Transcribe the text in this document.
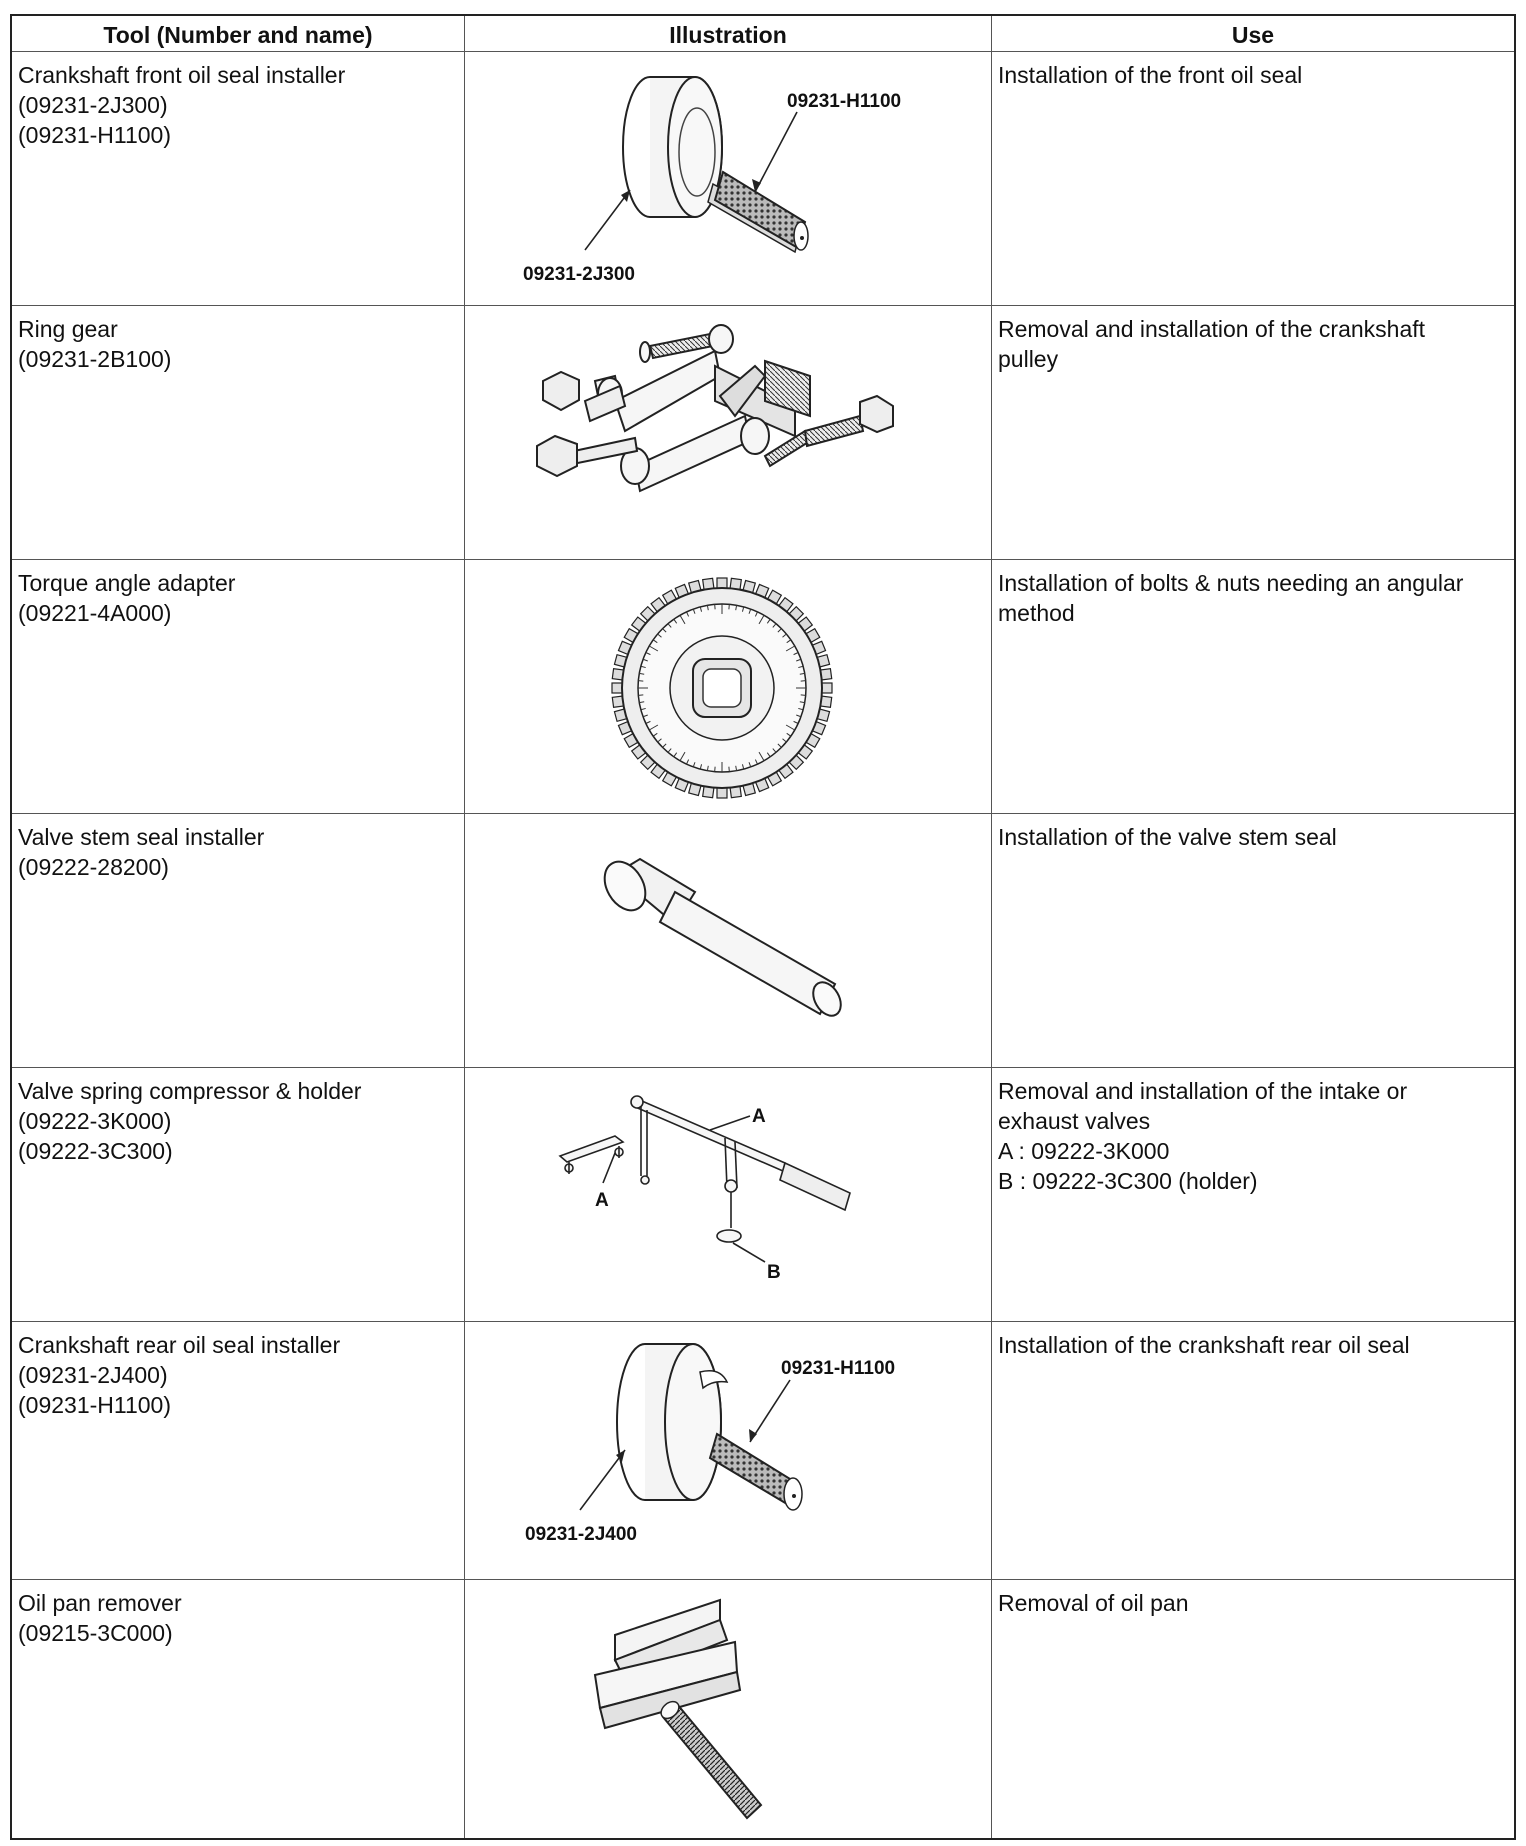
Tool (Number and name)	Illustration	Use
Crankshaft front oil seal installer
(09231-2J300)
(09231-H1100)
09231-H1100
09231-2J300
Installation of the front oil seal
Ring gear
(09231-2B100)
Removal and installation of the crankshaft
pulley
Torque angle adapter
(09221-4A000)
Installation of bolts & nuts needing an angular
method
Valve stem seal installer
(09222-28200)
Installation of the valve stem seal
Valve spring compressor & holder
(09222-3K000)
(09222-3C300)
A
A
B
Removal and installation of the intake or
exhaust valves
A : 09222-3K000
B : 09222-3C300 (holder)
Crankshaft rear oil seal installer
(09231-2J400)
(09231-H1100)
09231-H1100
09231-2J400
Installation of the crankshaft rear oil seal
Oil pan remover
(09215-3C000)
Removal of oil pan
